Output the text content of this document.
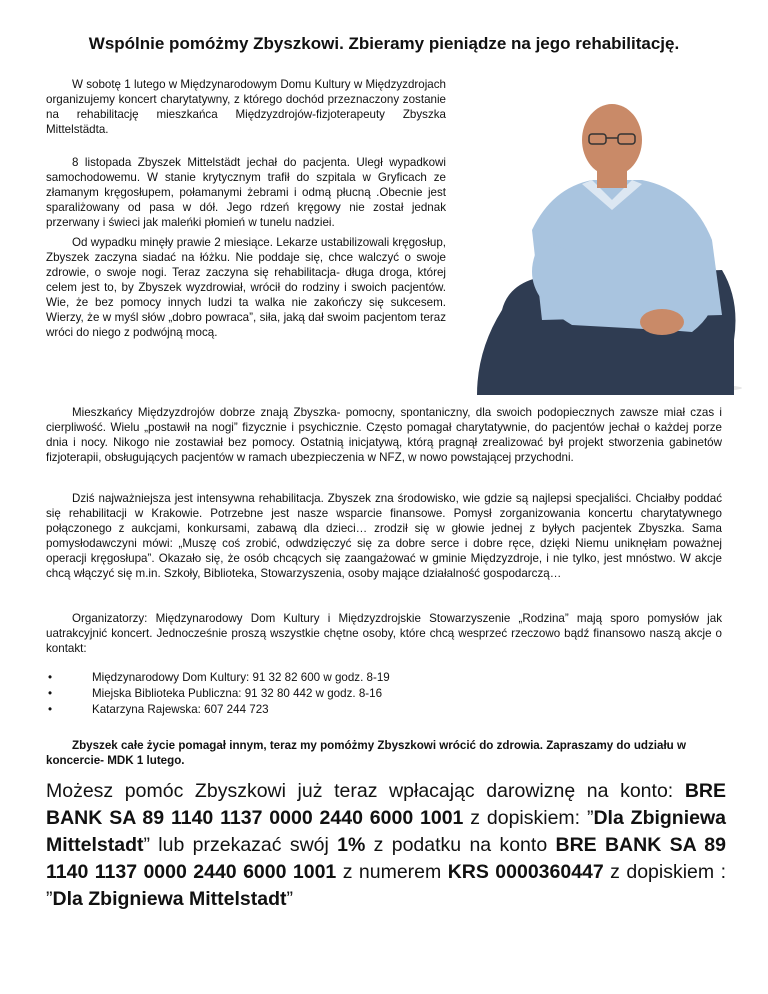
Wspólnie pomóżmy Zbyszkowi. Zbieramy pieniądze na jego rehabilitację.

W sobotę 1 lutego w Międzynarodowym Domu Kultury w Międzyzdrojach organizujemy koncert charytatywny, z którego dochód przeznaczony zostanie na rehabilitację mieszkańca Międzyzdrojów-fizjoterapeuty Zbyszka Mittelstädta.

8 listopada Zbyszek Mittelstädt jechał do pacjenta. Uległ wypadkowi samochodowemu. W stanie krytycznym trafił do szpitala w Gryficach ze złamanym kręgosłupem, połamanymi żebrami i odmą płucną .Obecnie jest sparaliżowany od pasa w dół. Jego rdzeń kręgowy nie został jednak przerwany i świeci jak maleńki płomień w tunelu nadziei.

Od wypadku minęły prawie 2 miesiące. Lekarze ustabilizowali kręgosłup, Zbyszek zaczyna siadać na łóżku. Nie poddaje się, chce walczyć o swoje zdrowie, o swoje nogi. Teraz zaczyna się rehabilitacja- długa droga, której celem jest to, by Zbyszek wyzdrowiał, wrócił do rodziny i swoich pacjentów. Wie, że bez pomocy innych ludzi ta walka nie zakończy się sukcesem. Wierzy, że w myśl słów „dobro powraca”, siła, jaką dał swoim pacjentom teraz wróci do niego z podwójną mocą.

Mieszkańcy Międzyzdrojów dobrze znają Zbyszka- pomocny, spontaniczny, dla swoich podopiecznych zawsze miał czas i cierpliwość. Wielu „postawił na nogi” fizycznie i psychicznie. Często pomagał charytatywnie, do pacjentów jechał o każdej porze dnia i nocy. Nikogo nie zostawiał bez pomocy. Ostatnią inicjatywą, którą pragnął zrealizować był projekt stworzenia gabinetów fizjoterapii, obsługujących pacjentów w ramach ubezpieczenia w NFZ, w nowo powstającej przychodni.

Dziś najważniejsza jest intensywna rehabilitacja. Zbyszek zna środowisko, wie gdzie są najlepsi specjaliści. Chciałby poddać się rehabilitacji w Krakowie. Potrzebne jest nasze wsparcie finansowe. Pomysł zorganizowania koncertu charytatywnego połączonego z aukcjami, konkursami, zabawą dla dzieci… zrodził się w głowie jednej z byłych pacjentek Zbyszka. Sama pomysłodawczyni mówi: „Muszę coś zrobić, odwdzięczyć się za dobre serce i dobre ręce, dzięki Niemu uniknęłam poważnej operacji kręgosłupa”. Okazało się, że osób chcących się zaangażować w gminie Międzyzdroje, i nie tylko, jest mnóstwo. W akcje chcą włączyć się m.in. Szkoły, Biblioteka, Stowarzyszenia, osoby mające działalność gospodarczą…

Organizatorzy: Międzynarodowy Dom Kultury i Międzyzdrojskie Stowarzyszenie „Rodzina” mają sporo pomysłów jak uatrakcyjnić koncert. Jednocześnie proszą wszystkie chętne osoby, które chcą wesprzeć rzeczowo bądź finansowo naszą akcje o kontakt:

•	Międzynarodowy Dom Kultury: 91 32 82 600 w godz. 8-19
•	Miejska Biblioteka Publiczna: 91 32 80 442 w godz. 8-16
•	Katarzyna Rajewska: 607 244 723

Zbyszek całe życie pomagał innym, teraz my pomóżmy Zbyszkowi wrócić do zdrowia. Zapraszamy do udziału w koncercie- MDK 1 lutego.

Możesz pomóc Zbyszkowi już teraz wpłacając darowiznę na konto: BRE BANK SA 89 1140 1137 0000 2440 6000 1001 z dopiskiem: ”Dla Zbigniewa Mittelstadt” lub przekazać swój 1% z podatku na konto BRE BANK SA 89 1140 1137 0000 2440 6000 1001 z numerem KRS 0000360447 z dopiskiem : ”Dla Zbigniewa Mittelstadt”
